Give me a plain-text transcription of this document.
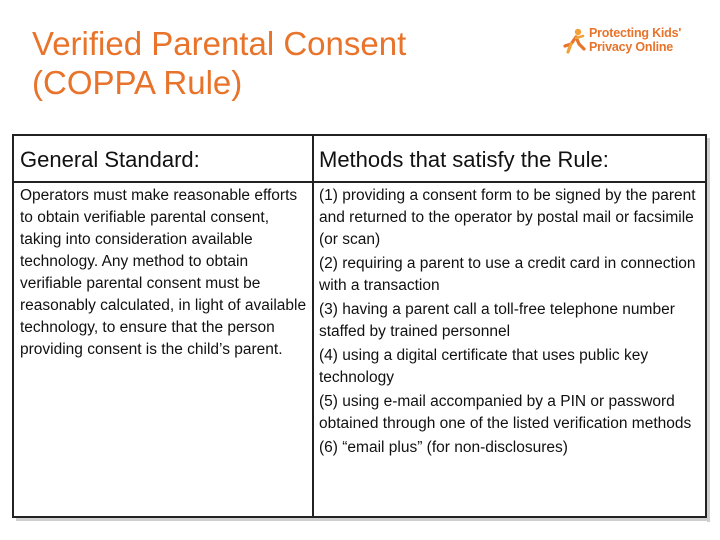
Verified Parental Consent
(COPPA Rule)
Protecting Kids'
Privacy Online
General Standard:	Methods that satisfy the Rule:
Operators must make reasonable efforts to obtain verifiable parental consent, taking into consideration available technology. Any method to obtain verifiable parental consent must be reasonably calculated, in light of available technology, to ensure that the person providing consent is the child’s parent.
(1) providing a consent form to be signed by the parent and returned to the operator by postal mail or facsimile (or scan)
(2) requiring a parent to use a credit card in connection with a transaction
(3) having a parent call a toll-free telephone number staffed by trained personnel
(4) using a digital certificate that uses public key technology
(5) using e-mail accompanied by a PIN or password obtained through one of the listed verification methods
(6) “email plus” (for non-disclosures)
